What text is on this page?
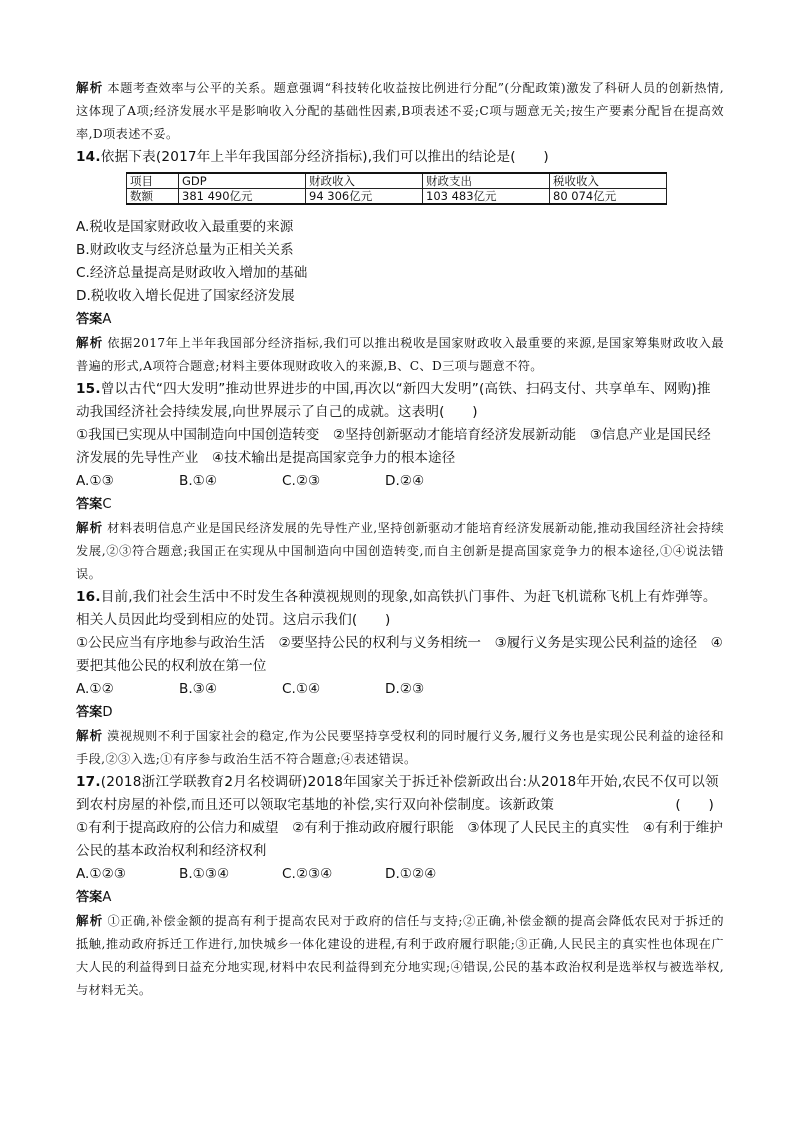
解析 本题考查效率与公平的关系。题意强调“科技转化收益按比例进行分配”(分配政策)激发了科研人员的创新热情,这体现了A项;经济发展水平是影响收入分配的基础性因素,B项表述不妥;C项与题意无关;按生产要素分配旨在提高效率,D项表述不妥。

14.依据下表(2017年上半年我国部分经济指标),我们可以推出的结论是(　　)

项目	GDP	财政收入	财政支出	税收收入
数额	381 490亿元	94 306亿元	103 483亿元	80 074亿元

A.税收是国家财政收入最重要的来源

B.财政收支与经济总量为正相关关系

C.经济总量提高是财政收入增加的基础

D.税收收入增长促进了国家经济发展

答案A

解析 依据2017年上半年我国部分经济指标,我们可以推出税收是国家财政收入最重要的来源,是国家筹集财政收入最普遍的形式,A项符合题意;材料主要体现财政收入的来源,B、C、D三项与题意不符。

15.曾以古代“四大发明”推动世界进步的中国,再次以“新四大发明”(高铁、扫码支付、共享单车、网购)推动我国经济社会持续发展,向世界展示了自己的成就。这表明(　　)

①我国已实现从中国制造向中国创造转变　②坚持创新驱动才能培育经济发展新动能　③信息产业是国民经济发展的先导性产业　④技术输出是提高国家竞争力的根本途径

A.①③	B.①④	C.②③	D.②④

答案C

解析 材料表明信息产业是国民经济发展的先导性产业,坚持创新驱动才能培育经济发展新动能,推动我国经济社会持续发展,②③符合题意;我国正在实现从中国制造向中国创造转变,而自主创新是提高国家竞争力的根本途径,①④说法错误。

16.目前,我们社会生活中不时发生各种漠视规则的现象,如高铁扒门事件、为赶飞机谎称飞机上有炸弹等。相关人员因此均受到相应的处罚。这启示我们(　　)

①公民应当有序地参与政治生活　②要坚持公民的权利与义务相统一　③履行义务是实现公民利益的途径　④要把其他公民的权利放在第一位

A.①②	B.③④	C.①④	D.②③

答案D

解析 漠视规则不利于国家社会的稳定,作为公民要坚持享受权利的同时履行义务,履行义务也是实现公民利益的途径和手段,②③入选;①有序参与政治生活不符合题意;④表述错误。

17.(2018浙江学联教育2月名校调研)2018年国家关于拆迁补偿新政出台:从2018年开始,农民不仅可以领到农村房屋的补偿,而且还可以领取宅基地的补偿,实行双向补偿制度。该新政策	(　　)

①有利于提高政府的公信力和威望　②有利于推动政府履行职能　③体现了人民民主的真实性　④有利于维护公民的基本政治权利和经济权利

A.①②③	B.①③④	C.②③④	D.①②④

答案A

解析 ①正确,补偿金额的提高有利于提高农民对于政府的信任与支持;②正确,补偿金额的提高会降低农民对于拆迁的抵触,推动政府拆迁工作进行,加快城乡一体化建设的进程,有利于政府履行职能;③正确,人民民主的真实性也体现在广大人民的利益得到日益充分地实现,材料中农民利益得到充分地实现;④错误,公民的基本政治权利是选举权与被选举权,与材料无关。
